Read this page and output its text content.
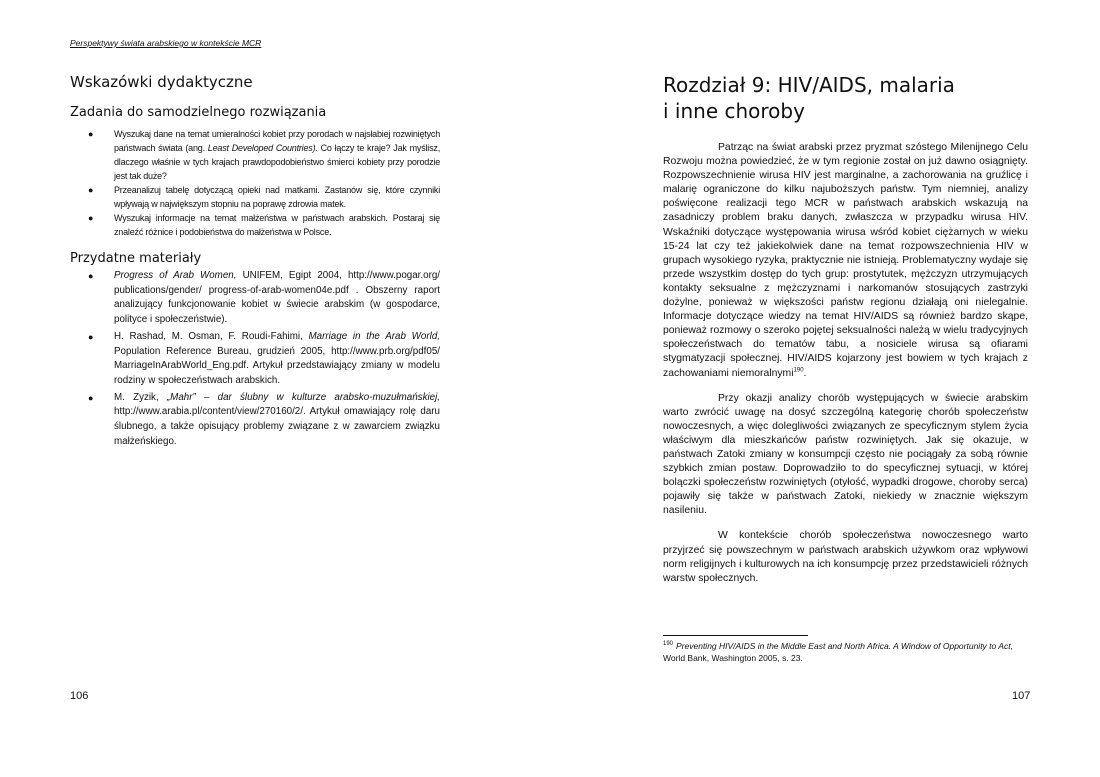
Perspektywy świata arabskiego w kontekście MCR
Wskazówki dydaktyczne
Zadania do samodzielnego rozwiązania
● Wyszukaj dane na temat umieralności kobiet przy porodach w najsłabiej rozwiniętych państwach świata (ang. Least Developed Countries). Co łączy te kraje? Jak myślisz, dlaczego właśnie w tych krajach prawdopodobieństwo śmierci kobiety przy porodzie jest tak duże?
● Przeanalizuj tabelę dotyczącą opieki nad matkami. Zastanów się, które czynniki wpływają w największym stopniu na poprawę zdrowia matek.
● Wyszukaj informacje na temat małżeństwa w państwach arabskich. Postaraj się znaleźć różnice i podobieństwa do małżeństwa w Polsce.
Przydatne materiały
● Progress of Arab Women, UNIFEM, Egipt 2004, http://www.pogar.org/ publications/gender/ progress-of-arab-women04e.pdf . Obszerny raport analizujący funkcjonowanie kobiet w świecie arabskim (w gospodarce, polityce i społeczeństwie).
● H. Rashad, M. Osman, F. Roudi-Fahimi, Marriage in the Arab World, Population Reference Bureau, grudzień 2005, http://www.prb.org/pdf05/ MarriageInArabWorld_Eng.pdf. Artykuł przedstawiający zmiany w modelu rodziny w społeczeństwach arabskich.
● M. Zyzik, „Mahr” – dar ślubny w kulturze arabsko-muzułmańskiej, http://www.arabia.pl/content/view/270160/2/. Artykuł omawiający rolę daru ślubnego, a także opisujący problemy związane z w zawarciem związku małżeńskiego.
106
Rozdział 9: HIV/AIDS, malaria
i inne choroby

Patrząc na świat arabski przez pryzmat szóstego Milenijnego Celu Rozwoju można powiedzieć, że w tym regionie został on już dawno osiągnięty. Rozpowszechnienie wirusa HIV jest marginalne, a zachorowania na gruźlicę i malarię ograniczone do kilku najuboższych państw. Tym niemniej, analizy poświęcone realizacji tego MCR w państwach arabskich wskazują na zasadniczy problem braku danych, zwłaszcza w przypadku wirusa HIV. Wskaźniki dotyczące występowania wirusa wśród kobiet ciężarnych w wieku 15-24 lat czy też jakiekolwiek dane na temat rozpowszechnienia HIV w grupach wysokiego ryzyka, praktycznie nie istnieją. Problematyczny wydaje się przede wszystkim dostęp do tych grup: prostytutek, mężczyzn utrzymujących kontakty seksualne z mężczyznami i narkomanów stosujących zastrzyki dożylne, ponieważ w większości państw regionu działają oni nielegalnie. Informacje dotyczące wiedzy na temat HIV/AIDS są również bardzo skąpe, ponieważ rozmowy o szeroko pojętej seksualności należą w wielu tradycyjnych społeczeństwach do tematów tabu, a nosiciele wirusa są ofiarami stygmatyzacji społecznej. HIV/AIDS kojarzony jest bowiem w tych krajach z zachowaniami niemoralnymi$^{190}$.

Przy okazji analizy chorób występujących w świecie arabskim warto zwrócić uwagę na dosyć szczególną kategorię chorób społeczeństw nowoczesnych, a więc dolegliwości związanych ze specyficznym stylem życia właściwym dla mieszkańców państw rozwiniętych. Jak się okazuje, w państwach Zatoki zmiany w konsumpcji często nie pociągały za sobą równie szybkich zmian postaw. Doprowadziło to do specyficznej sytuacji, w której bolączki społeczeństw rozwiniętych (otyłość, wypadki drogowe, choroby serca) pojawiły się także w państwach Zatoki, niekiedy w znacznie większym nasileniu.

W kontekście chorób społeczeństwa nowoczesnego warto przyjrzeć się powszechnym w państwach arabskich używkom oraz wpływowi norm religijnych i kulturowych na ich konsumpcję przez przedstawicieli różnych warstw społecznych.

$^{190}$ Preventing HIV/AIDS in the Middle East and North Africa. A Window of Opportunity to Act, World Bank, Washington 2005, s. 23.
107
